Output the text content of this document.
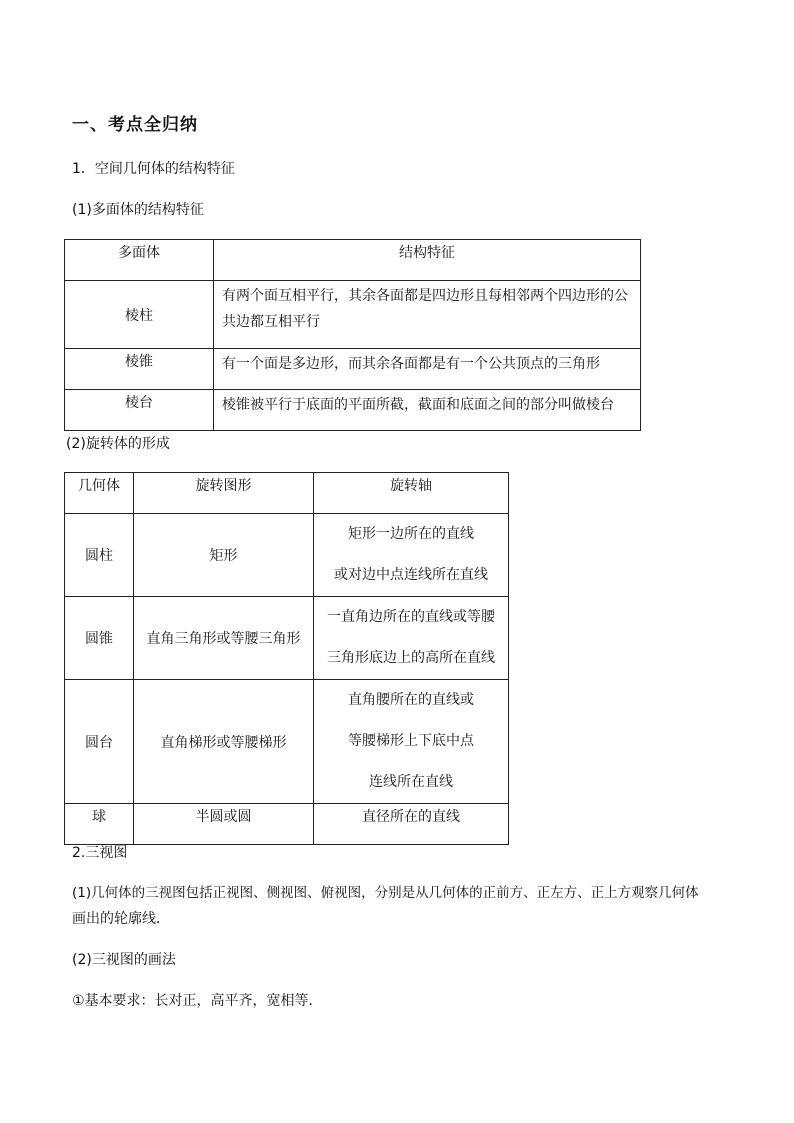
一、考点全归纳
1．空间几何体的结构特征
(1)多面体的结构特征
多面体	结构特征
棱柱	有两个面互相平行，其余各面都是四边形且每相邻两个四边形的公
共边都互相平行

棱锥	有一个面是多边形，而其余各面都是有一个公共顶点的三角形
棱台	棱锥被平行于底面的平面所截，截面和底面之间的部分叫做棱台
(2)旋转体的形成
几何体	旋转图形	旋转轴
圆柱	矩形	矩形一边所在的直线
或对边中点连线所在直线

圆锥	直角三角形或等腰三角形	一直角边所在的直线或等腰
三角形底边上的高所在直线

圆台	直角梯形或等腰梯形	直角腰所在的直线或
等腰梯形上下底中点
连线所在直线

球	半圆或圆	直径所在的直线
2.三视图
(1)几何体的三视图包括正视图、侧视图、俯视图，分别是从几何体的正前方、正左方、正上方观察几何体
画出的轮廓线．
(2)三视图的画法
①基本要求：长对正，高平齐，宽相等．
